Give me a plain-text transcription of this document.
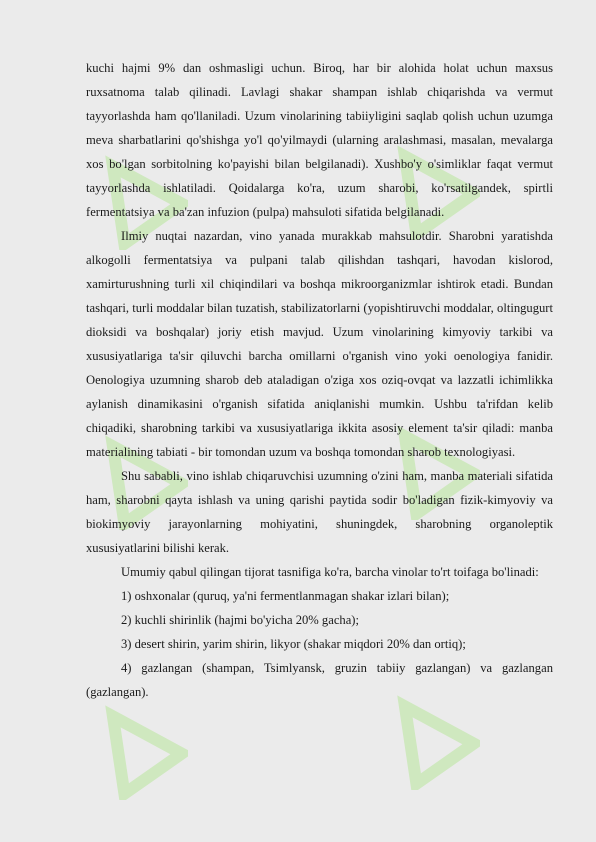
kuchi hajmi 9% dan oshmasligi uchun. Biroq, har bir alohida holat uchun maxsus ruxsatnoma talab qilinadi. Lavlagi shakar shampan ishlab chiqarishda va vermut tayyorlashda ham qo'llaniladi. Uzum vinolarining tabiiyligini saqlab qolish uchun uzumga meva sharbatlarini qo'shishga yo'l qo'yilmaydi (ularning aralashmasi, masalan, mevalarga xos bo'lgan sorbitolning ko'payishi bilan belgilanadi). Xushbo'y o'simliklar faqat vermut tayyorlashda ishlatiladi. Qoidalarga ko'ra, uzum sharobi, ko'rsatilgandek, spirtli fermentatsiya va ba'zan infuzion (pulpa) mahsuloti sifatida belgilanadi.

Ilmiy nuqtai nazardan, vino yanada murakkab mahsulotdir. Sharobni yaratishda alkogolli fermentatsiya va pulpani talab qilishdan tashqari, havodan kislorod, xamirturushning turli xil chiqindilari va boshqa mikroorganizmlar ishtirok etadi. Bundan tashqari, turli moddalar bilan tuzatish, stabilizatorlarni (yopishtiruvchi moddalar, oltingugurt dioksidi va boshqalar) joriy etish mavjud. Uzum vinolarining kimyoviy tarkibi va xususiyatlariga ta'sir qiluvchi barcha omillarni o'rganish vino yoki oenologiya fanidir. Oenologiya uzumning sharob deb ataladigan o'ziga xos oziq-ovqat va lazzatli ichimlikka aylanish dinamikasini o'rganish sifatida aniqlanishi mumkin. Ushbu ta'rifdan kelib chiqadiki, sharobning tarkibi va xususiyatlariga ikkita asosiy element ta'sir qiladi: manba materialining tabiati - bir tomondan uzum va boshqa tomondan sharob texnologiyasi.

Shu sababli, vino ishlab chiqaruvchisi uzumning o'zini ham, manba materiali sifatida ham, sharobni qayta ishlash va uning qarishi paytida sodir bo'ladigan fizik-kimyoviy va biokimyoviy jarayonlarning mohiyatini, shuningdek, sharobning organoleptik xususiyatlarini bilishi kerak.

Umumiy qabul qilingan tijorat tasnifiga ko'ra, barcha vinolar to'rt toifaga bo'linadi:

1) oshxonalar (quruq, ya'ni fermentlanmagan shakar izlari bilan);

2) kuchli shirinlik (hajmi bo'yicha 20% gacha);

3) desert shirin, yarim shirin, likyor (shakar miqdori 20% dan ortiq);

4) gazlangan (shampan, Tsimlyansk, gruzin tabiiy gazlangan) va gazlangan (gazlangan).
